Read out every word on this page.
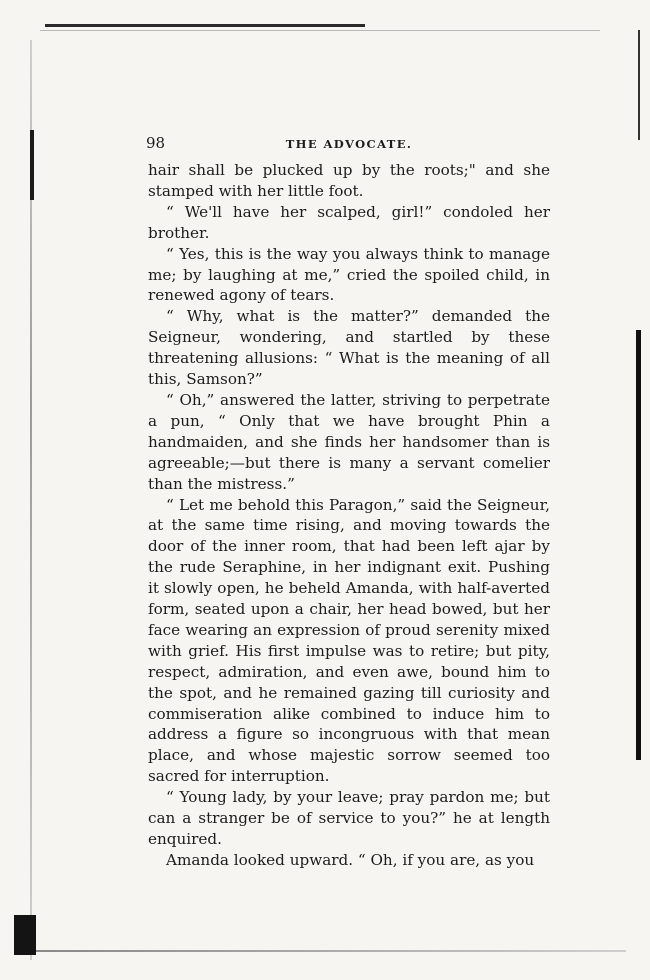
98	THE ADVOCATE.

hair shall be plucked up by the roots;" and she stamped with her little foot.

“ We'll have her scalped, girl!” condoled her brother.

“ Yes, this is the way you always think to manage me; by laughing at me,” cried the spoiled child, in renewed agony of tears.

“ Why, what is the matter?” demanded the Seigneur, wondering, and startled by these threatening allusions: “ What is the meaning of all this, Samson?”

“ Oh,” answered the latter, striving to perpetrate a pun, “ Only that we have brought Phin a handmaiden, and she finds her handsomer than is agreeable;—but there is many a servant comelier than the mistress.”

“ Let me behold this Paragon,” said the Seigneur, at the same time rising, and moving towards the door of the inner room, that had been left ajar by the rude Seraphine, in her indignant exit. Pushing it slowly open, he beheld Amanda, with half-averted form, seated upon a chair, her head bowed, but her face wearing an expression of proud serenity mixed with grief. His first impulse was to retire; but pity, respect, admiration, and even awe, bound him to the spot, and he remained gazing till curiosity and commiseration alike combined to induce him to address a figure so incongruous with that mean place, and whose majestic sorrow seemed too sacred for interruption.

“ Young lady, by your leave; pray pardon me; but can a stranger be of service to you?” he at length enquired.

Amanda looked upward. “ Oh, if you are, as you
